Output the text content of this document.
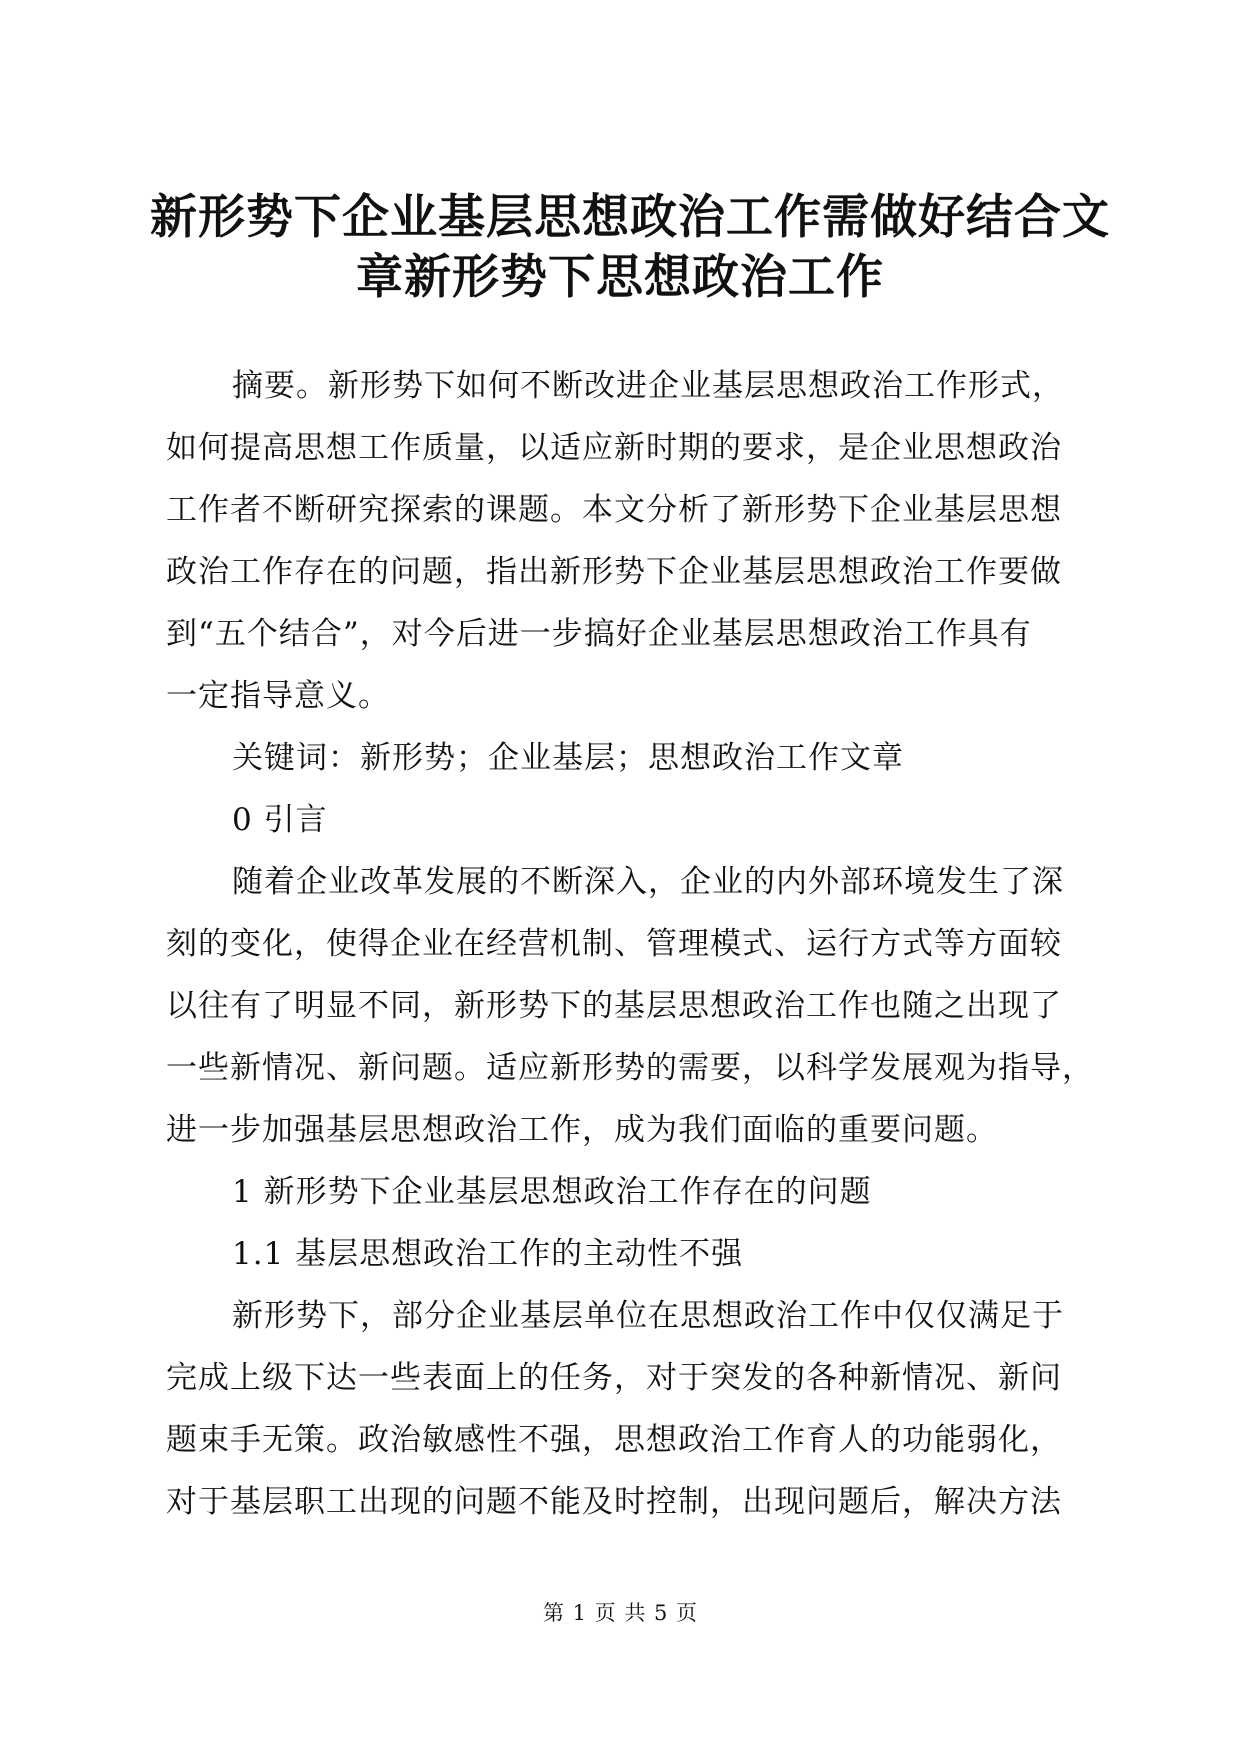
新形势下企业基层思想政治工作需做好结合文
章新形势下思想政治工作

摘要。新形势下如何不断改进企业基层思想政治工作形式，
如何提高思想工作质量，以适应新时期的要求，是企业思想政治
工作者不断研究探索的课题。本文分析了新形势下企业基层思想
政治工作存在的问题，指出新形势下企业基层思想政治工作要做
到“五个结合”，对今后进一步搞好企业基层思想政治工作具有
一定指导意义。

关键词：新形势；企业基层；思想政治工作文章

0 引言

随着企业改革发展的不断深入，企业的内外部环境发生了深
刻的变化，使得企业在经营机制、管理模式、运行方式等方面较
以往有了明显不同，新形势下的基层思想政治工作也随之出现了
一些新情况、新问题。适应新形势的需要，以科学发展观为指导，
进一步加强基层思想政治工作，成为我们面临的重要问题。

1 新形势下企业基层思想政治工作存在的问题

1.1 基层思想政治工作的主动性不强

新形势下，部分企业基层单位在思想政治工作中仅仅满足于
完成上级下达一些表面上的任务，对于突发的各种新情况、新问
题束手无策。政治敏感性不强，思想政治工作育人的功能弱化，
对于基层职工出现的问题不能及时控制，出现问题后，解决方法

第 1 页 共 5 页
